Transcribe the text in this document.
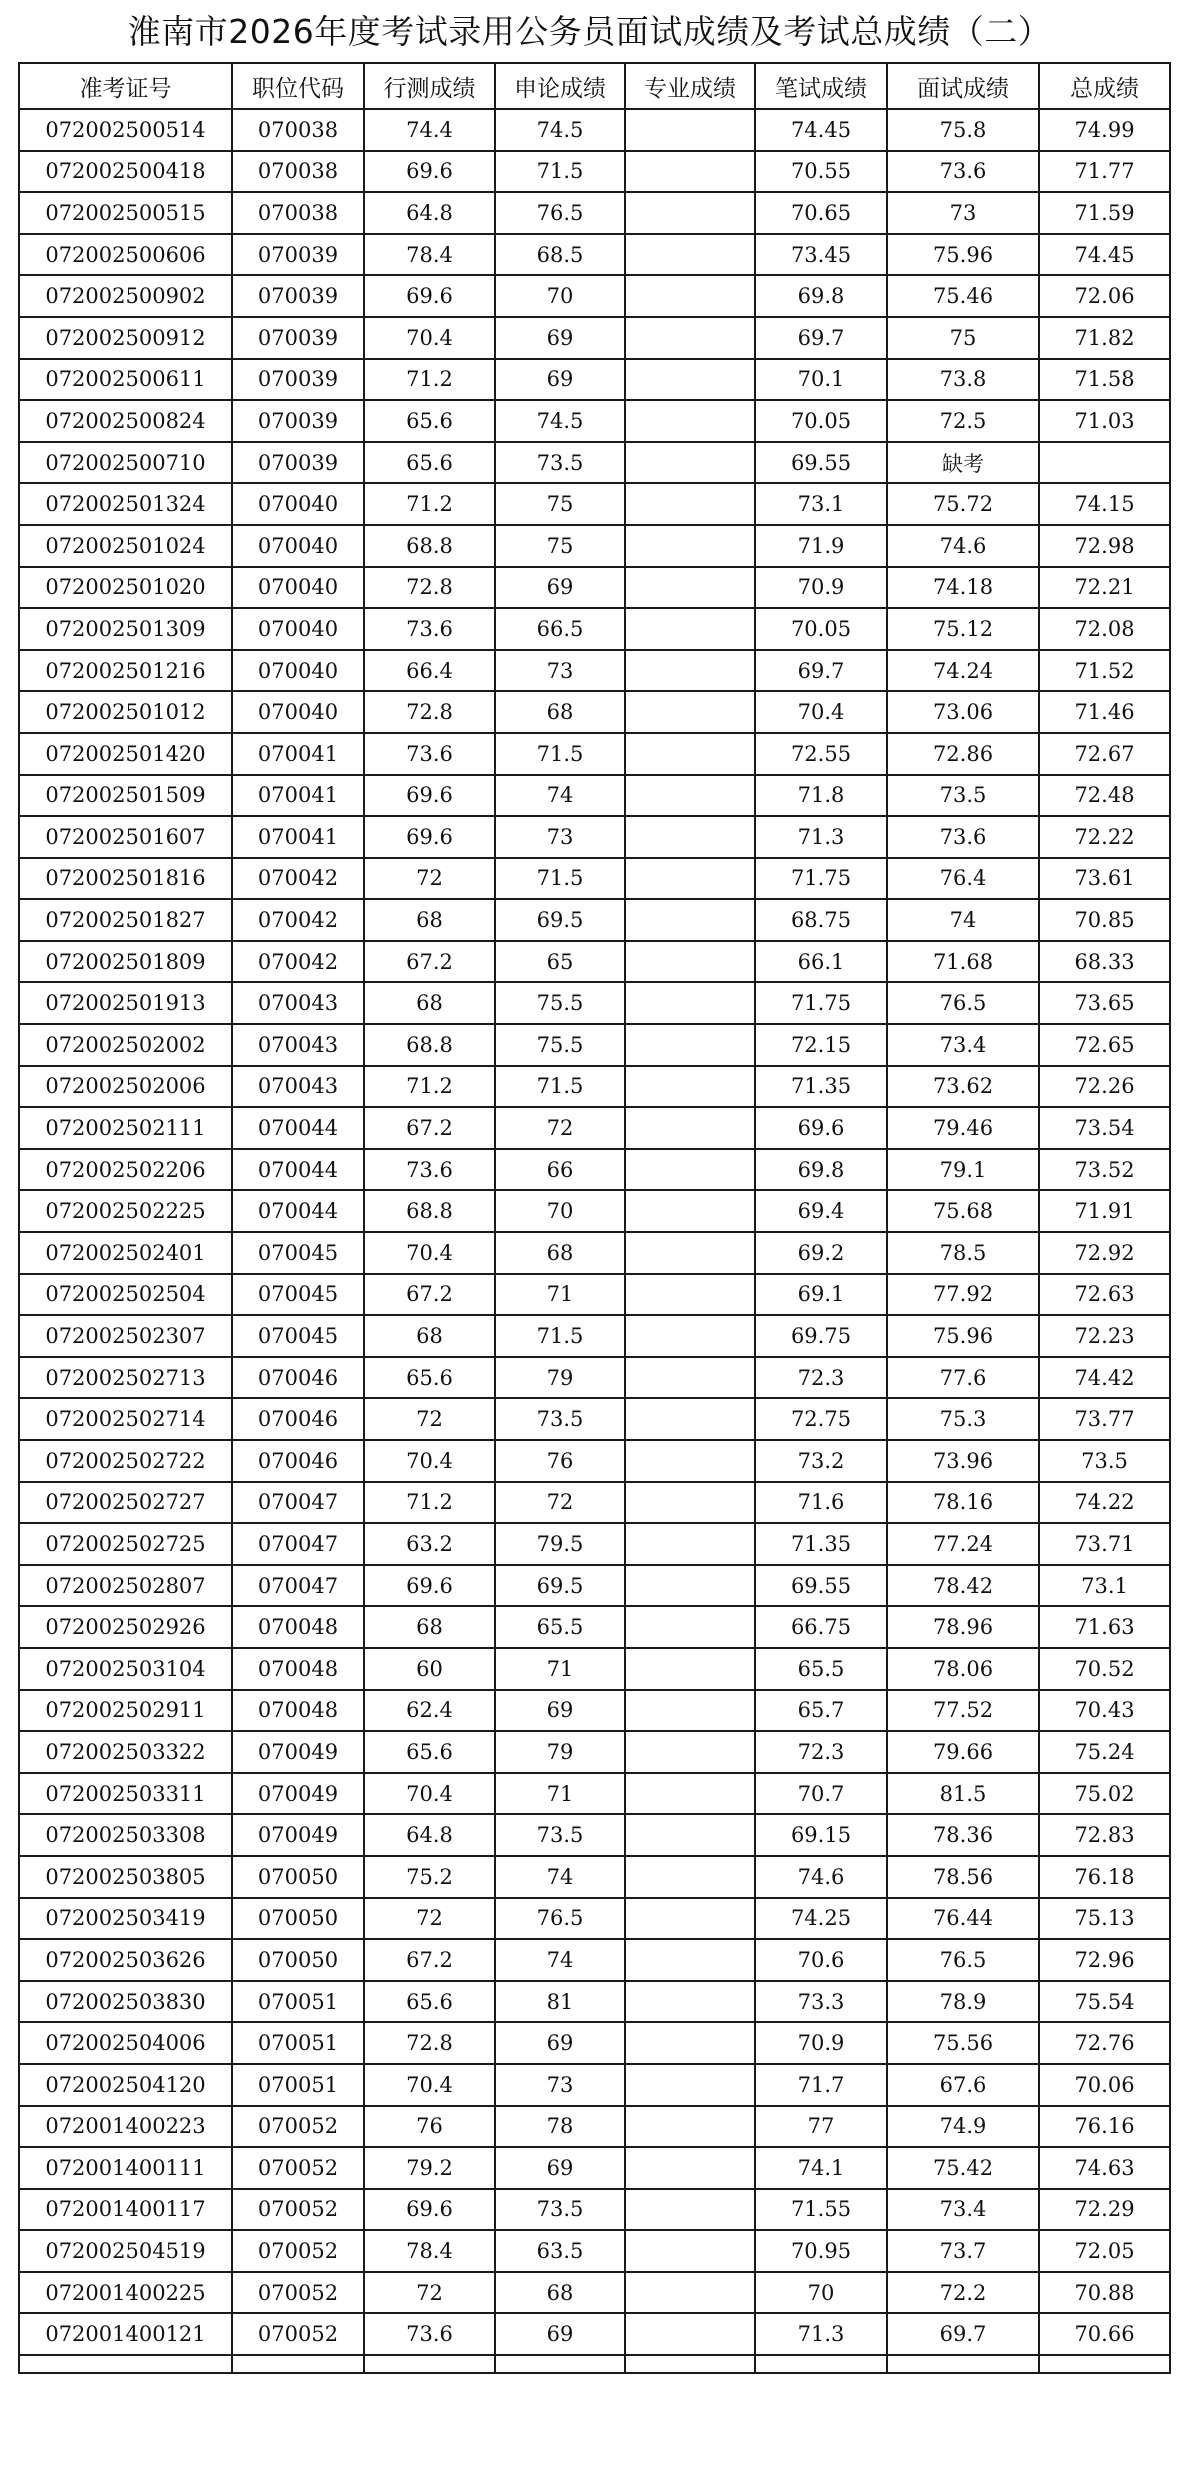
淮南市2026年度考试录用公务员面试成绩及考试总成绩（二）
准考证号	职位代码	行测成绩	申论成绩	专业成绩	笔试成绩	面试成绩	总成绩
072002500514	070038	74.4	74.5		74.45	75.8	74.99
072002500418	070038	69.6	71.5		70.55	73.6	71.77
072002500515	070038	64.8	76.5		70.65	73	71.59
072002500606	070039	78.4	68.5		73.45	75.96	74.45
072002500902	070039	69.6	70		69.8	75.46	72.06
072002500912	070039	70.4	69		69.7	75	71.82
072002500611	070039	71.2	69		70.1	73.8	71.58
072002500824	070039	65.6	74.5		70.05	72.5	71.03
072002500710	070039	65.6	73.5		69.55	缺考	
072002501324	070040	71.2	75		73.1	75.72	74.15
072002501024	070040	68.8	75		71.9	74.6	72.98
072002501020	070040	72.8	69		70.9	74.18	72.21
072002501309	070040	73.6	66.5		70.05	75.12	72.08
072002501216	070040	66.4	73		69.7	74.24	71.52
072002501012	070040	72.8	68		70.4	73.06	71.46
072002501420	070041	73.6	71.5		72.55	72.86	72.67
072002501509	070041	69.6	74		71.8	73.5	72.48
072002501607	070041	69.6	73		71.3	73.6	72.22
072002501816	070042	72	71.5		71.75	76.4	73.61
072002501827	070042	68	69.5		68.75	74	70.85
072002501809	070042	67.2	65		66.1	71.68	68.33
072002501913	070043	68	75.5		71.75	76.5	73.65
072002502002	070043	68.8	75.5		72.15	73.4	72.65
072002502006	070043	71.2	71.5		71.35	73.62	72.26
072002502111	070044	67.2	72		69.6	79.46	73.54
072002502206	070044	73.6	66		69.8	79.1	73.52
072002502225	070044	68.8	70		69.4	75.68	71.91
072002502401	070045	70.4	68		69.2	78.5	72.92
072002502504	070045	67.2	71		69.1	77.92	72.63
072002502307	070045	68	71.5		69.75	75.96	72.23
072002502713	070046	65.6	79		72.3	77.6	74.42
072002502714	070046	72	73.5		72.75	75.3	73.77
072002502722	070046	70.4	76		73.2	73.96	73.5
072002502727	070047	71.2	72		71.6	78.16	74.22
072002502725	070047	63.2	79.5		71.35	77.24	73.71
072002502807	070047	69.6	69.5		69.55	78.42	73.1
072002502926	070048	68	65.5		66.75	78.96	71.63
072002503104	070048	60	71		65.5	78.06	70.52
072002502911	070048	62.4	69		65.7	77.52	70.43
072002503322	070049	65.6	79		72.3	79.66	75.24
072002503311	070049	70.4	71		70.7	81.5	75.02
072002503308	070049	64.8	73.5		69.15	78.36	72.83
072002503805	070050	75.2	74		74.6	78.56	76.18
072002503419	070050	72	76.5		74.25	76.44	75.13
072002503626	070050	67.2	74		70.6	76.5	72.96
072002503830	070051	65.6	81		73.3	78.9	75.54
072002504006	070051	72.8	69		70.9	75.56	72.76
072002504120	070051	70.4	73		71.7	67.6	70.06
072001400223	070052	76	78		77	74.9	76.16
072001400111	070052	79.2	69		74.1	75.42	74.63
072001400117	070052	69.6	73.5		71.55	73.4	72.29
072002504519	070052	78.4	63.5		70.95	73.7	72.05
072001400225	070052	72	68		70	72.2	70.88
072001400121	070052	73.6	69		71.3	69.7	70.66
